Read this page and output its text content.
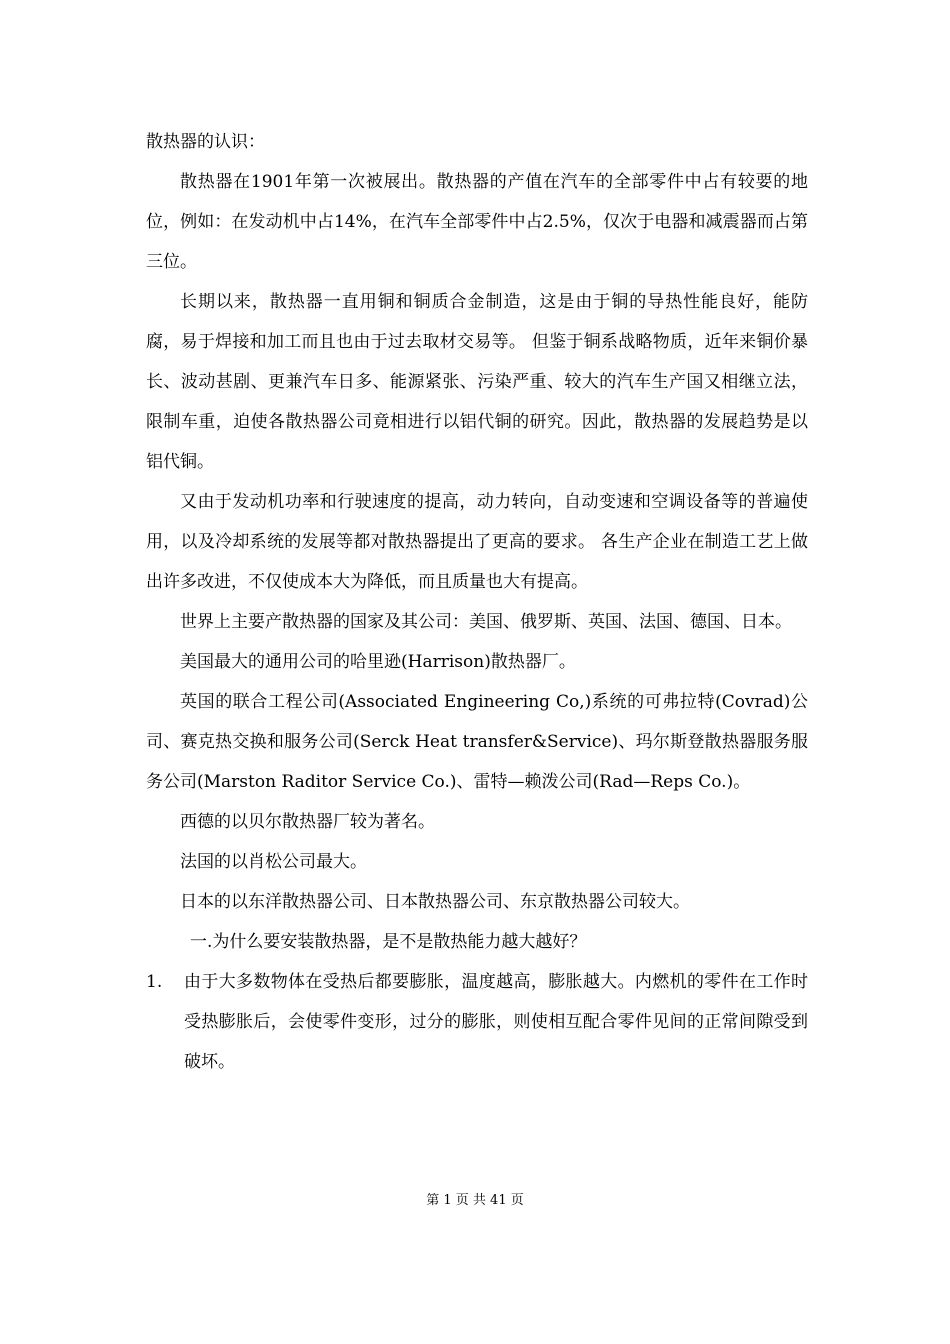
散热器的认识：

散热器在1901年第一次被展出。散热器的产值在汽车的全部零件中占有较要的地位，例如：在发动机中占14%，在汽车全部零件中占2.5%，仅次于电器和减震器而占第三位。

长期以来，散热器一直用铜和铜质合金制造，这是由于铜的导热性能良好，能防腐，易于焊接和加工而且也由于过去取材交易等。 但鉴于铜系战略物质，近年来铜价暴长、波动甚剧、更兼汽车日多、能源紧张、污染严重、较大的汽车生产国又相继立法，限制车重，迫使各散热器公司竟相进行以铝代铜的研究。因此，散热器的发展趋势是以铝代铜。

又由于发动机功率和行驶速度的提高，动力转向，自动变速和空调设备等的普遍使用，以及冷却系统的发展等都对散热器提出了更高的要求。 各生产企业在制造工艺上做出许多改进，不仅使成本大为降低，而且质量也大有提高。

世界上主要产散热器的国家及其公司：美国、俄罗斯、英国、法国、德国、日本。

美国最大的通用公司的哈里逊(Harrison)散热器厂。

英国的联合工程公司(Associated Engineering Co,)系统的可弗拉特(Covrad)公司、赛克热交换和服务公司(Serck Heat transfer&Service)、玛尔斯登散热器服务服务公司(Marston Raditor Service Co.)、雷特—赖泼公司(Rad—Reps Co.)。

西德的以贝尔散热器厂较为著名。

法国的以肖松公司最大。

日本的以东洋散热器公司、日本散热器公司、东京散热器公司较大。

一.为什么要安装散热器，是不是散热能力越大越好？

1. 由于大多数物体在受热后都要膨胀，温度越高，膨胀越大。内燃机的零件在工作时受热膨胀后，会使零件变形，过分的膨胀，则使相互配合零件见间的正常间隙受到破坏。

第 1 页 共 41 页
